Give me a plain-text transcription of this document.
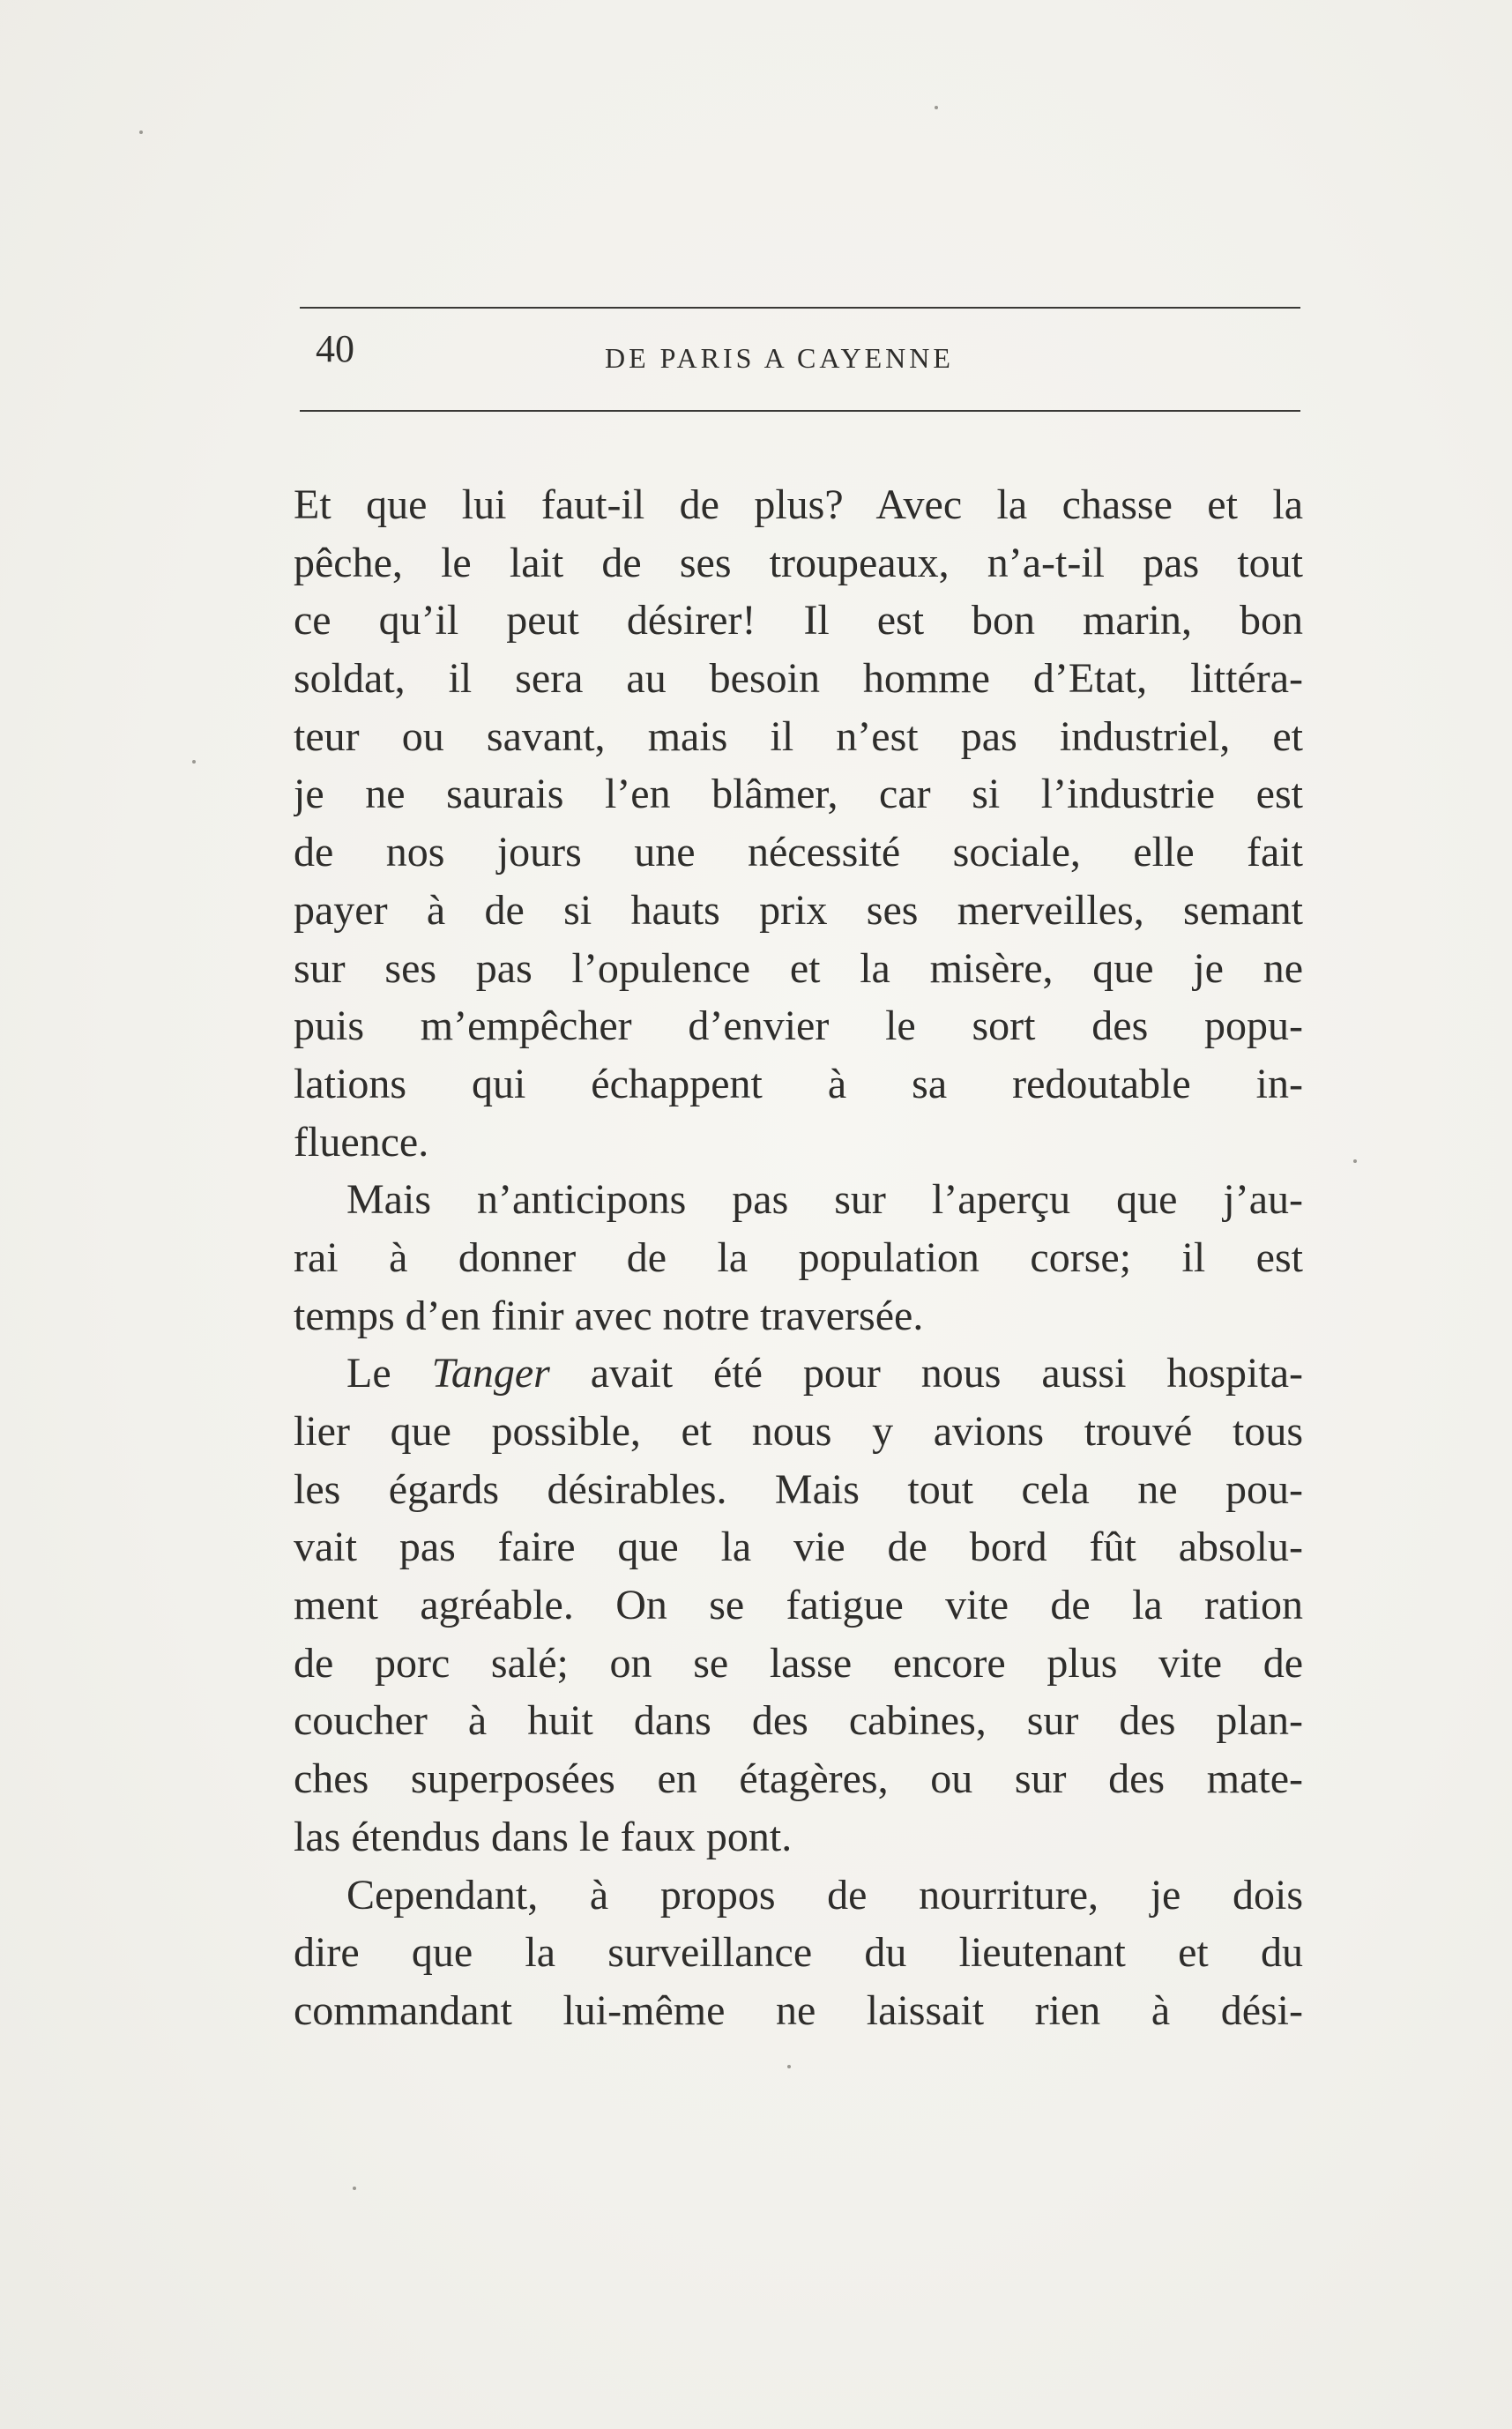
40	DE PARIS A CAYENNE
Et que lui faut-il de plus? Avec la chasse et la
pêche, le lait de ses troupeaux, n’a-t-il pas tout
ce qu’il peut désirer! Il est bon marin, bon
soldat, il sera au besoin homme d’Etat, littéra-
teur ou savant, mais il n’est pas industriel, et
je ne saurais l’en blâmer, car si l’industrie est
de nos jours une nécessité sociale, elle fait
payer à de si hauts prix ses merveilles, semant
sur ses pas l’opulence et la misère, que je ne
puis m’empêcher d’envier le sort des popu-
lations qui échappent à sa redoutable in-
fluence.
Mais n’anticipons pas sur l’aperçu que j’au-
rai à donner de la population corse; il est
temps d’en finir avec notre traversée.
Le Tanger avait été pour nous aussi hospita-
lier que possible, et nous y avions trouvé tous
les égards désirables. Mais tout cela ne pou-
vait pas faire que la vie de bord fût absolu-
ment agréable. On se fatigue vite de la ration
de porc salé; on se lasse encore plus vite de
coucher à huit dans des cabines, sur des plan-
ches superposées en étagères, ou sur des mate-
las étendus dans le faux pont.
Cependant, à propos de nourriture, je dois
dire que la surveillance du lieutenant et du
commandant lui-même ne laissait rien à dési-
